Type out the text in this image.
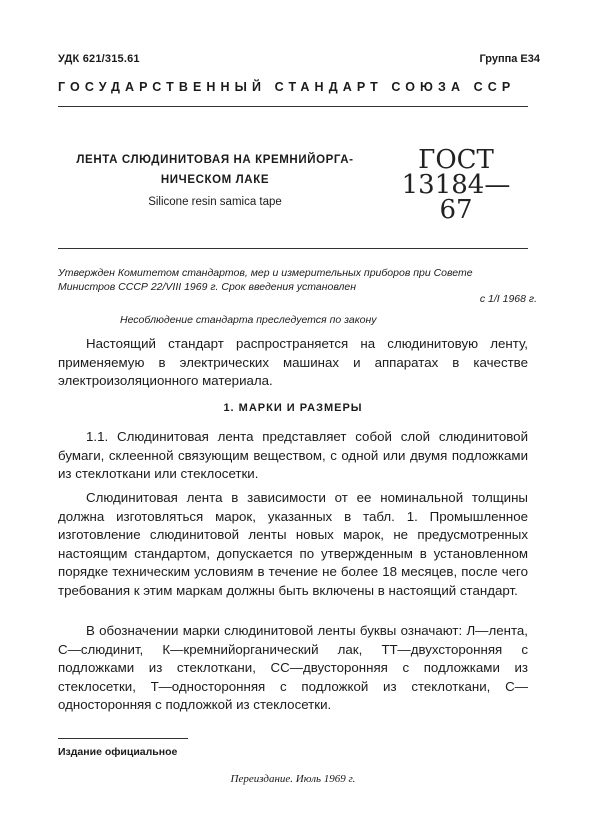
УДК 621/315.61	Группа Е34
ГОСУДАРСТВЕННЫЙ СТАНДАРТ СОЮЗА ССР
ЛЕНТА СЛЮДИНИТОВАЯ НА КРЕМНИЙОРГА-
НИЧЕСКОМ ЛАКЕ
Silicone resin samica tape
ГОСТ
13184—67
Утвержден Комитетом стандартов, мер и измерительных приборов при Совете Министров СССР 22/VIII 1969 г. Срок введения установлен
с 1/I 1968 г.
Несоблюдение стандарта преследуется по закону
Настоящий стандарт распространяется на слюдинитовую ленту, применяемую в электрических машинах и аппаратах в качестве электроизоляционного материала.
1. МАРКИ И РАЗМЕРЫ
1.1. Слюдинитовая лента представляет собой слой слюдинитовой бумаги, склеенной связующим веществом, с одной или двумя подложками из стеклоткани или стеклосетки.
Слюдинитовая лента в зависимости от ее номинальной толщины должна изготовляться марок, указанных в табл. 1. Промышленное изготовление слюдинитовой ленты новых марок, не предусмотренных настоящим стандартом, допускается по утвержденным в установленном порядке техническим условиям в течение не более 18 месяцев, после чего требования к этим маркам должны быть включены в настоящий стандарт.
В обозначении марки слюдинитовой ленты буквы означают: Л—лента, С—слюдинит, К—кремнийорганический лак, ТТ—двухсторонняя с подложками из стеклоткани, СС—двусторонняя с подложками из стеклосетки, Т—односторонняя с подложкой из стеклоткани, С—односторонняя с подложкой из стеклосетки.
Издание официальное
Переиздание. Июль 1969 г.
